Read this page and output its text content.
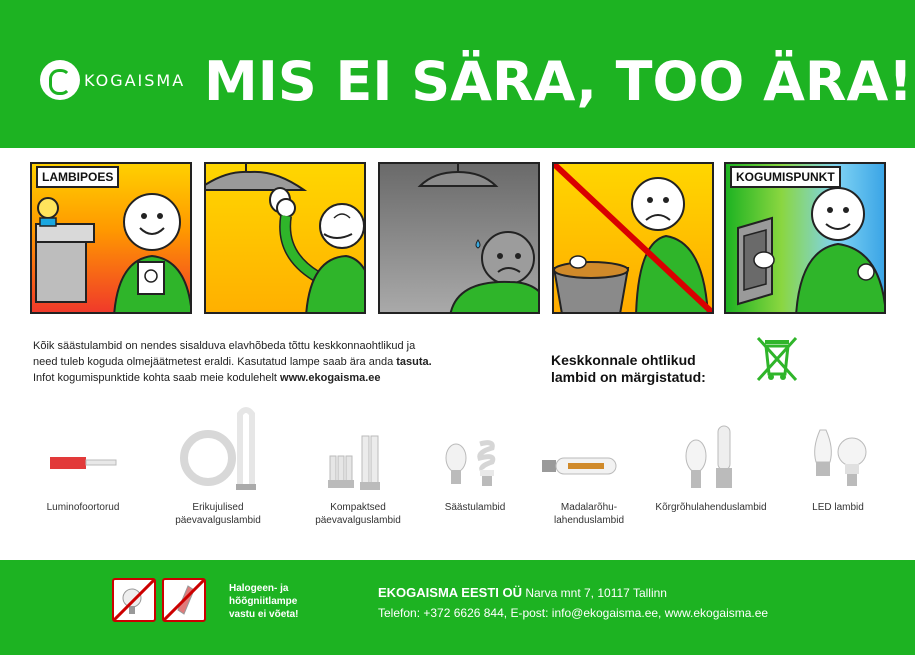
KOGAISMA MIS EI SÄRA, TOO ÄRA!
LAMBIPOES	KOGUMISPUNKT
Kõik säästulambid on nendes sisalduva elavhõbeda tõttu keskkonnaohtlikud ja
need tuleb koguda olmejäätmetest eraldi. Kasutatud lampe saab ära anda tasuta.
Infot kogumispunktide kohta saab meie kodulehelt www.ekogaisma.ee
Keskkonnale ohtlikud
lambid on märgistatud:
Luminofoortorud	Erikujulised
päevavalguslambid
Kompaktsed
päevavalguslambid
Säästulambid	Madalarõhu-
lahenduslambid
Kõrgrõhulahenduslambid	LED lambid
Halogeen- ja
hõõgniitlampe
vastu ei võeta!
EKOGAISMA EESTI OÜ Narva mnt 7, 10117 Tallinn
Telefon: +372 6626 844, E-post: info@ekogaisma.ee, www.ekogaisma.ee
